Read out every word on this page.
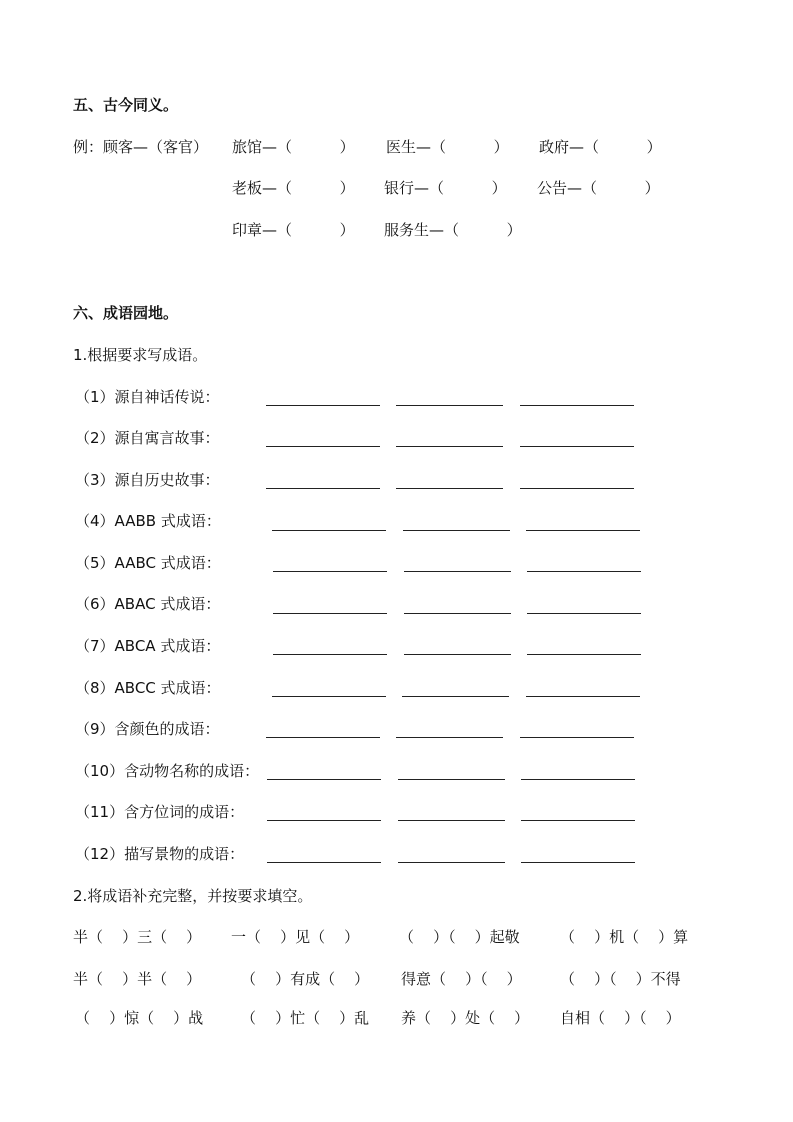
五、古今同义。
例：顾客—（客官） 旅馆—（          ） 医生—（          ） 政府—（          ）
老板—（          ） 银行—（          ） 公告—（          ）
印章—（          ） 服务生—（          ）
六、成语园地。
1.根据要求写成语。
（1）源自神话传说：
（2）源自寓言故事：
（3）源自历史故事：
（4）AABB 式成语：
（5）AABC 式成语：
（6）ABAC 式成语：
（7）ABCA 式成语：
（8）ABCC 式成语：
（9）含颜色的成语：
（10）含动物名称的成语：
（11）含方位词的成语：
（12）描写景物的成语：
2.将成语补充完整，并按要求填空。
半（    ）三（    ） 一（    ）见（    ）	（    ）（    ）起敬	（    ）机（    ）算
半（    ）半（    ）	（    ）有成（    ） 得意（    ）（    ）	（    ）（    ）不得
（    ）惊（    ）战	（    ）忙（    ）乱 养（    ）处（    ） 自相（    ）（    ）
